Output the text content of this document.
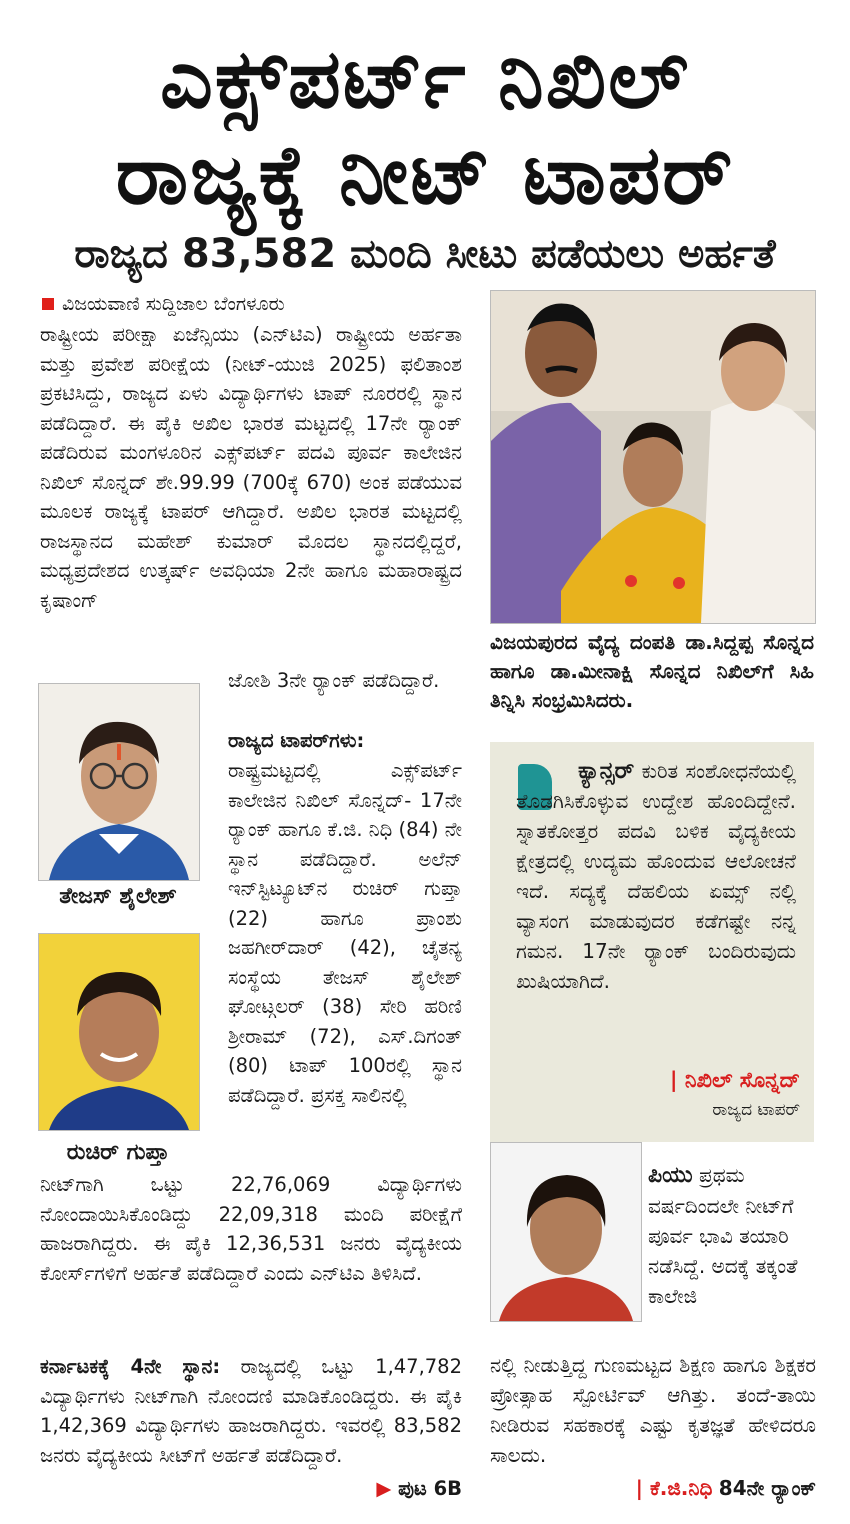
ಎಕ್ಸ್‌ಪರ್ಟ್ ನಿಖಿಲ್
ರಾಜ್ಯಕ್ಕೆ ನೀಟ್ ಟಾಪರ್
ರಾಜ್ಯದ 83,582 ಮಂದಿ ಸೀಟು ಪಡೆಯಲು ಅರ್ಹತೆ
ವಿಜಯವಾಣಿ ಸುದ್ದಿಜಾಲ ಬೆಂಗಳೂರು
ರಾಷ್ಟ್ರೀಯ ಪರೀಕ್ಷಾ ಏಜೆನ್ಸಿಯು (ಎನ್‌ಟಿಎ) ರಾಷ್ಟ್ರೀಯ ಅರ್ಹತಾ ಮತ್ತು ಪ್ರವೇಶ ಪರೀಕ್ಷೆಯ (ನೀಟ್-ಯುಜಿ 2025) ಫಲಿತಾಂಶ ಪ್ರಕಟಿಸಿದ್ದು, ರಾಜ್ಯದ ಏಳು ವಿದ್ಯಾರ್ಥಿಗಳು ಟಾಪ್ ನೂರರಲ್ಲಿ ಸ್ಥಾನ ಪಡೆದಿದ್ದಾರೆ. ಈ ಪೈಕಿ ಅಖಿಲ ಭಾರತ ಮಟ್ಟದಲ್ಲಿ 17ನೇ ರ್‍ಯಾಂಕ್ ಪಡೆದಿರುವ ಮಂಗಳೂರಿನ ಎಕ್ಸ್‌ಪರ್ಟ್ ಪದವಿ ಪೂರ್ವ ಕಾಲೇಜಿನ ನಿಖಿಲ್ ಸೊನ್ನದ್ ಶೇ.99.99 (700ಕ್ಕೆ 670) ಅಂಕ ಪಡೆಯುವ ಮೂಲಕ ರಾಜ್ಯಕ್ಕೆ ಟಾಪರ್ ಆಗಿದ್ದಾರೆ. ಅಖಿಲ ಭಾರತ ಮಟ್ಟದಲ್ಲಿ ರಾಜಸ್ಥಾನದ ಮಹೇಶ್ ಕುಮಾರ್ ಮೊದಲ ಸ್ಥಾನದಲ್ಲಿದ್ದರೆ, ಮಧ್ಯಪ್ರದೇಶದ ಉತ್ಕರ್ಷ್ ಅವಧಿಯಾ 2ನೇ ಹಾಗೂ ಮಹಾರಾಷ್ಟ್ರದ ಕೃಷಾಂಗ್
ತೇಜಸ್ ಶೈಲೇಶ್
ರುಚಿರ್ ಗುಪ್ತಾ
ಜೋಶಿ 3ನೇ ರ್‍ಯಾಂಕ್ ಪಡೆದಿದ್ದಾರೆ.
ರಾಜ್ಯದ ಟಾಪರ್‌ಗಳು:
ರಾಷ್ಟ್ರಮಟ್ಟದಲ್ಲಿ ಎಕ್ಸ್‌ಪರ್ಟ್ ಕಾಲೇಜಿನ ನಿಖಿಲ್ ಸೊನ್ನದ್- 17ನೇ ರ್‍ಯಾಂಕ್ ಹಾಗೂ ಕೆ.ಜಿ. ನಿಧಿ (84) ನೇ ಸ್ಥಾನ ಪಡೆದಿದ್ದಾರೆ. ಅಲೆನ್ ಇನ್‌ಸ್ಟಿಟ್ಯೂಟ್‌ನ ರುಚಿರ್ ಗುಪ್ತಾ (22) ಹಾಗೂ ಪ್ರಾಂಶು ಜಹಗೀರ್‌ದಾರ್ (42), ಚೈತನ್ಯ ಸಂಸ್ಥೆಯ ತೇಜಸ್ ಶೈಲೇಶ್ ಘೋಟ್ಗಲರ್ (38) ಸೇರಿ ಹರಿಣಿ ಶ್ರೀರಾಮ್ (72), ಎಸ್.ದಿಗಂತ್ (80) ಟಾಪ್ 100ರಲ್ಲಿ ಸ್ಥಾನ ಪಡೆದಿದ್ದಾರೆ. ಪ್ರಸಕ್ತ ಸಾಲಿನಲ್ಲಿ
ನೀಟ್‌ಗಾಗಿ ಒಟ್ಟು 22,76,069 ವಿದ್ಯಾರ್ಥಿಗಳು ನೋಂದಾಯಿಸಿಕೊಂಡಿದ್ದು 22,09,318 ಮಂದಿ ಪರೀಕ್ಷೆಗೆ ಹಾಜರಾಗಿದ್ದರು. ಈ ಪೈಕಿ 12,36,531 ಜನರು ವೈದ್ಯಕೀಯ ಕೋರ್ಸ್‌ಗಳಿಗೆ ಅರ್ಹತೆ ಪಡೆದಿದ್ದಾರೆ ಎಂದು ಎನ್‌ಟಿಎ ತಿಳಿಸಿದೆ.
ಕರ್ನಾಟಕಕ್ಕೆ 4ನೇ ಸ್ಥಾನ: ರಾಜ್ಯದಲ್ಲಿ ಒಟ್ಟು 1,47,782 ವಿದ್ಯಾರ್ಥಿಗಳು ನೀಟ್‌ಗಾಗಿ ನೋಂದಣಿ ಮಾಡಿಕೊಂಡಿದ್ದರು. ಈ ಪೈಕಿ 1,42,369 ವಿದ್ಯಾರ್ಥಿಗಳು ಹಾಜರಾಗಿದ್ದರು. ಇವರಲ್ಲಿ 83,582 ಜನರು ವೈದ್ಯಕೀಯ ಸೀಟ್‌ಗೆ ಅರ್ಹತೆ ಪಡೆದಿದ್ದಾರೆ.
▶ ಪುಟ 6B
ವಿಜಯಪುರದ ವೈದ್ಯ ದಂಪತಿ ಡಾ.ಸಿದ್ದಪ್ಪ ಸೊನ್ನದ ಹಾಗೂ ಡಾ.ಮೀನಾಕ್ಷಿ ಸೊನ್ನದ ನಿಖಿಲ್‌ಗೆ ಸಿಹಿ ತಿನ್ನಿಸಿ ಸಂಭ್ರಮಿಸಿದರು.
ಕ್ಯಾನ್ಸರ್ ಕುರಿತ ಸಂಶೋಧನೆಯಲ್ಲಿ ತೊಡಗಿಸಿಕೊಳ್ಳುವ ಉದ್ದೇಶ ಹೊಂದಿದ್ದೇನೆ. ಸ್ನಾತಕೋತ್ತರ ಪದವಿ ಬಳಿಕ ವೈದ್ಯಕೀಯ ಕ್ಷೇತ್ರದಲ್ಲಿ ಉದ್ಯಮ ಹೊಂದುವ ಆಲೋಚನೆ ಇದೆ. ಸದ್ಯಕ್ಕೆ ದೆಹಲಿಯ ಏಮ್ಸ್ ನಲ್ಲಿ ವ್ಯಾಸಂಗ ಮಾಡುವುದರ ಕಡೆಗಷ್ಟೇ ನನ್ನ ಗಮನ. 17ನೇ ರ್‍ಯಾಂಕ್ ಬಂದಿರುವುದು ಖುಷಿಯಾಗಿದೆ.
| ನಿಖಿಲ್ ಸೊನ್ನದ್
ರಾಜ್ಯದ ಟಾಪರ್
ಪಿಯು ಪ್ರಥಮ ವರ್ಷದಿಂದಲೇ ನೀಟ್‌ಗೆ ಪೂರ್ವ ಭಾವಿ ತಯಾರಿ ನಡೆಸಿದ್ದೆ. ಅದಕ್ಕೆ ತಕ್ಕಂತೆ ಕಾಲೇಜಿ
ನಲ್ಲಿ ನೀಡುತ್ತಿದ್ದ ಗುಣಮಟ್ಟದ ಶಿಕ್ಷಣ ಹಾಗೂ ಶಿಕ್ಷಕರ ಪ್ರೋತ್ಸಾಹ ಸ್ಪೋರ್ಟಿವ್ ಆಗಿತ್ತು. ತಂದೆ-ತಾಯಿ ನೀಡಿರುವ ಸಹಕಾರಕ್ಕೆ ಎಷ್ಟು ಕೃತಜ್ಞತೆ ಹೇಳಿದರೂ ಸಾಲದು.
| ಕೆ.ಜಿ.ನಿಧಿ 84ನೇ ರ್‍ಯಾಂಕ್
